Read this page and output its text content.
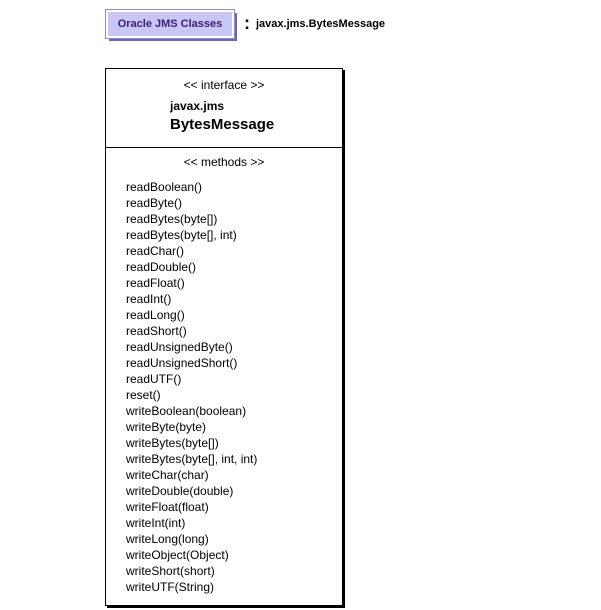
Oracle JMS Classes : javax.jms.BytesMessage
<< interface >>
javax.jms
BytesMessage
<< methods >>
readBoolean()
readByte()
readBytes(byte[])
readBytes(byte[], int)
readChar()
readDouble()
readFloat()
readInt()
readLong()
readShort()
readUnsignedByte()
readUnsignedShort()
readUTF()
reset()
writeBoolean(boolean)
writeByte(byte)
writeBytes(byte[])
writeBytes(byte[], int, int)
writeChar(char)
writeDouble(double)
writeFloat(float)
writeInt(int)
writeLong(long)
writeObject(Object)
writeShort(short)
writeUTF(String)
